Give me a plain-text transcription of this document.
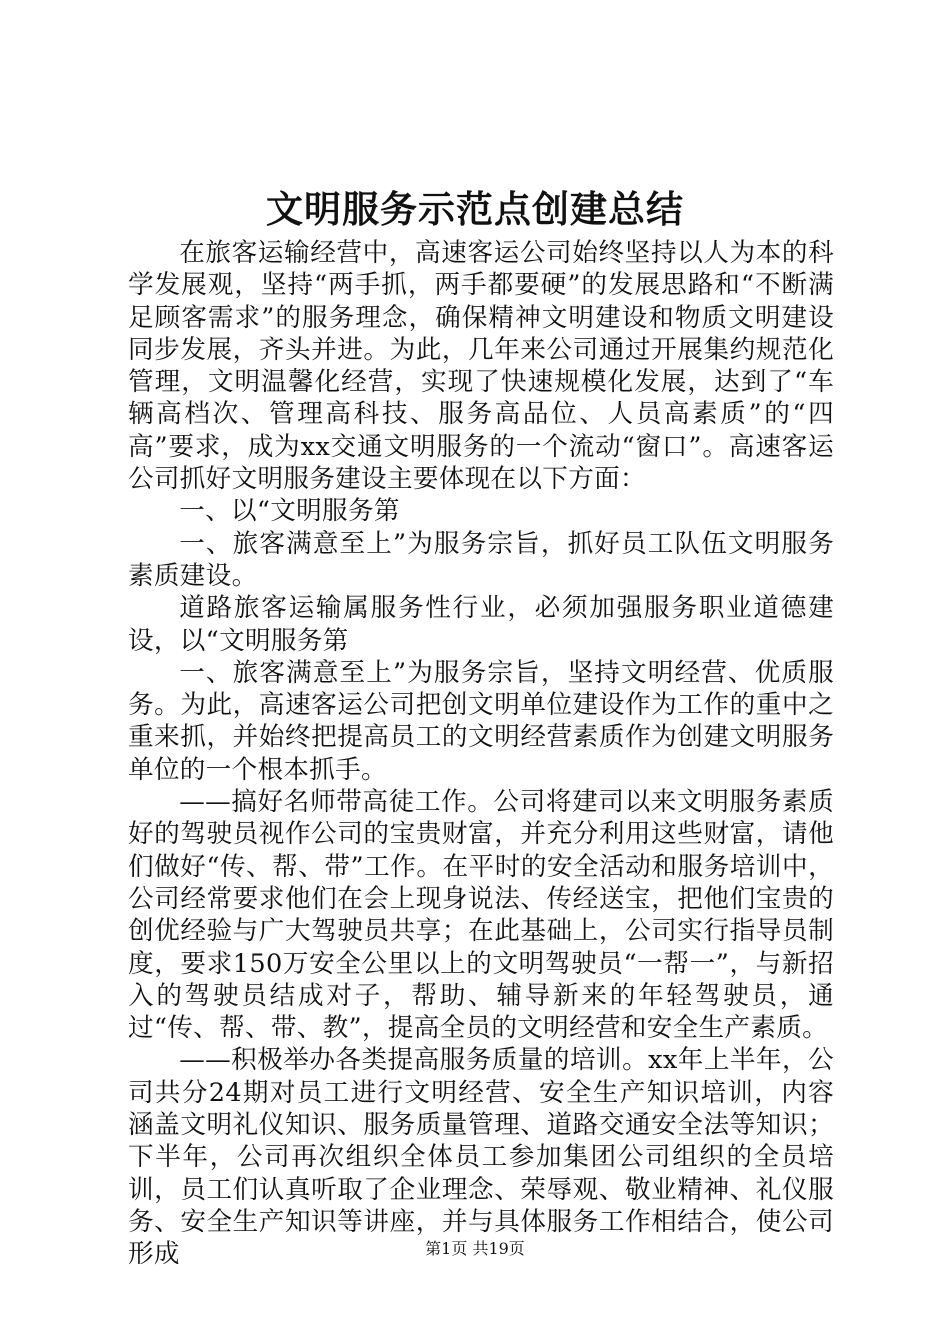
文明服务示范点创建总结

在旅客运输经营中，高速客运公司始终坚持以人为本的科学发展观，坚持“两手抓，两手都要硬”的发展思路和“不断满足顾客需求”的服务理念，确保精神文明建设和物质文明建设同步发展，齐头并进。为此，几年来公司通过开展集约规范化管理，文明温馨化经营，实现了快速规模化发展，达到了“车辆高档次、管理高科技、服务高品位、人员高素质”的“四高”要求，成为xx交通文明服务的一个流动“窗口”。高速客运公司抓好文明服务建设主要体现在以下方面：

一、以“文明服务第

一、旅客满意至上”为服务宗旨，抓好员工队伍文明服务素质建设。

道路旅客运输属服务性行业，必须加强服务职业道德建设，以“文明服务第

一、旅客满意至上”为服务宗旨，坚持文明经营、优质服务。为此，高速客运公司把创文明单位建设作为工作的重中之重来抓，并始终把提高员工的文明经营素质作为创建文明服务单位的一个根本抓手。

——搞好名师带高徒工作。公司将建司以来文明服务素质好的驾驶员视作公司的宝贵财富，并充分利用这些财富，请他们做好“传、帮、带”工作。在平时的安全活动和服务培训中，公司经常要求他们在会上现身说法、传经送宝，把他们宝贵的创优经验与广大驾驶员共享；在此基础上，公司实行指导员制度，要求150万安全公里以上的文明驾驶员“一帮一”，与新招入的驾驶员结成对子，帮助、辅导新来的年轻驾驶员，通过“传、帮、带、教”，提高全员的文明经营和安全生产素质。

——积极举办各类提高服务质量的培训。xx年上半年，公司共分24期对员工进行文明经营、安全生产知识培训，内容涵盖文明礼仪知识、服务质量管理、道路交通安全法等知识；下半年，公司再次组织全体员工参加集团公司组织的全员培训，员工们认真听取了企业理念、荣辱观、敬业精神、礼仪服务、安全生产知识等讲座，并与具体服务工作相结合，使公司形成	第1页 共19页
